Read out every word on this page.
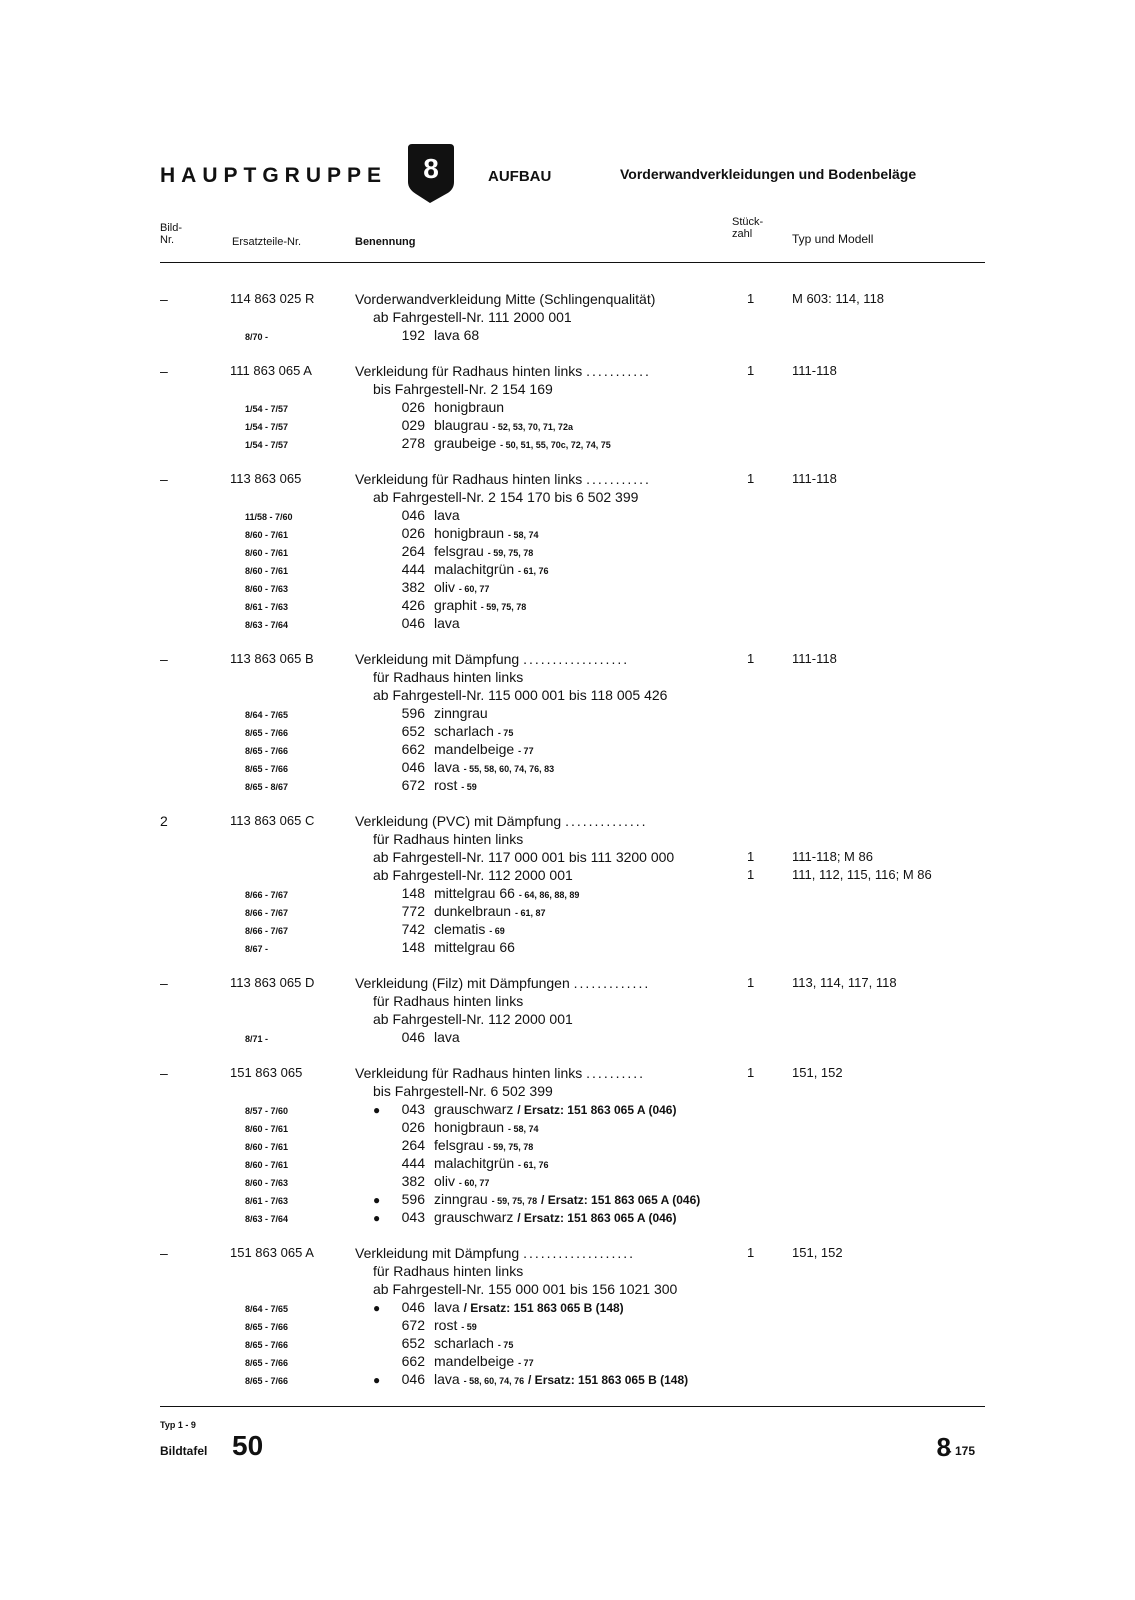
HAUPTGRUPPE 8	AUFBAU	Vorderwandverkleidungen und Bodenbeläge
Bild-
Nr.	Ersatzteile-Nr.	Benennung
Stück-
zahl	Typ und Modell
–	114 863 025 R	Vorderwandverkleidung Mitte (Schlingenqualität)	1	M 603: 114, 118
ab Fahrgestell-Nr. 111 2000 001
8/70 -	192 lava 68
–	111 863 065 A	Verkleidung für Radhaus hinten links ...........	1	111-118
bis Fahrgestell-Nr. 2 154 169
1/54 - 7/57	026 honigbraun
1/54 - 7/57	029 blaugrau - 52, 53, 70, 71, 72a
1/54 - 7/57	278 graubeige - 50, 51, 55, 70c, 72, 74, 75
–	113 863 065	Verkleidung für Radhaus hinten links ...........	1	111-118
ab Fahrgestell-Nr. 2 154 170 bis 6 502 399
11/58 - 7/60	046 lava
8/60 - 7/61	026 honigbraun - 58, 74
8/60 - 7/61	264 felsgrau - 59, 75, 78
8/60 - 7/61	444 malachitgrün - 61, 76
8/60 - 7/63	382 oliv - 60, 77
8/61 - 7/63	426 graphit - 59, 75, 78
8/63 - 7/64	046 lava
–	113 863 065 B	Verkleidung mit Dämpfung ..................	1	111-118
für Radhaus hinten links
ab Fahrgestell-Nr. 115 000 001 bis 118 005 426
8/64 - 7/65	596 zinngrau
8/65 - 7/66	652 scharlach - 75
8/65 - 7/66	662 mandelbeige - 77
8/65 - 7/66	046 lava - 55, 58, 60, 74, 76, 83
8/65 - 8/67	672 rost - 59
2	113 863 065 C	Verkleidung (PVC) mit Dämpfung ..............
für Radhaus hinten links
ab Fahrgestell-Nr. 117 000 001 bis 111 3200 000	1	111-118; M 86
ab Fahrgestell-Nr. 112 2000 001	1	111, 112, 115, 116; M 86
8/66 - 7/67	148 mittelgrau 66 - 64, 86, 88, 89
8/66 - 7/67	772 dunkelbraun - 61, 87
8/66 - 7/67	742 clematis - 69
8/67 -	148 mittelgrau 66
–	113 863 065 D	Verkleidung (Filz) mit Dämpfungen .............	1	113, 114, 117, 118
für Radhaus hinten links
ab Fahrgestell-Nr. 112 2000 001
8/71 -	046 lava
–	151 863 065	Verkleidung für Radhaus hinten links ..........	1	151, 152
bis Fahrgestell-Nr. 6 502 399
8/57 - 7/60	● 043 grauschwarz / Ersatz: 151 863 065 A (046)
8/60 - 7/61	026 honigbraun - 58, 74
8/60 - 7/61	264 felsgrau - 59, 75, 78
8/60 - 7/61	444 malachitgrün - 61, 76
8/60 - 7/63	382 oliv - 60, 77
8/61 - 7/63	● 596 zinngrau - 59, 75, 78 / Ersatz: 151 863 065 A (046)
8/63 - 7/64	● 043 grauschwarz / Ersatz: 151 863 065 A (046)
–	151 863 065 A	Verkleidung mit Dämpfung ...................	1	151, 152
für Radhaus hinten links
ab Fahrgestell-Nr. 155 000 001 bis 156 1021 300
8/64 - 7/65	● 046 lava / Ersatz: 151 863 065 B (148)
8/65 - 7/66	672 rost - 59
8/65 - 7/66	652 scharlach - 75
8/65 - 7/66	662 mandelbeige - 77
8/65 - 7/66	● 046 lava - 58, 60, 74, 76 / Ersatz: 151 863 065 B (148)
Typ 1 - 9
Bildtafel 50	8
- 175
